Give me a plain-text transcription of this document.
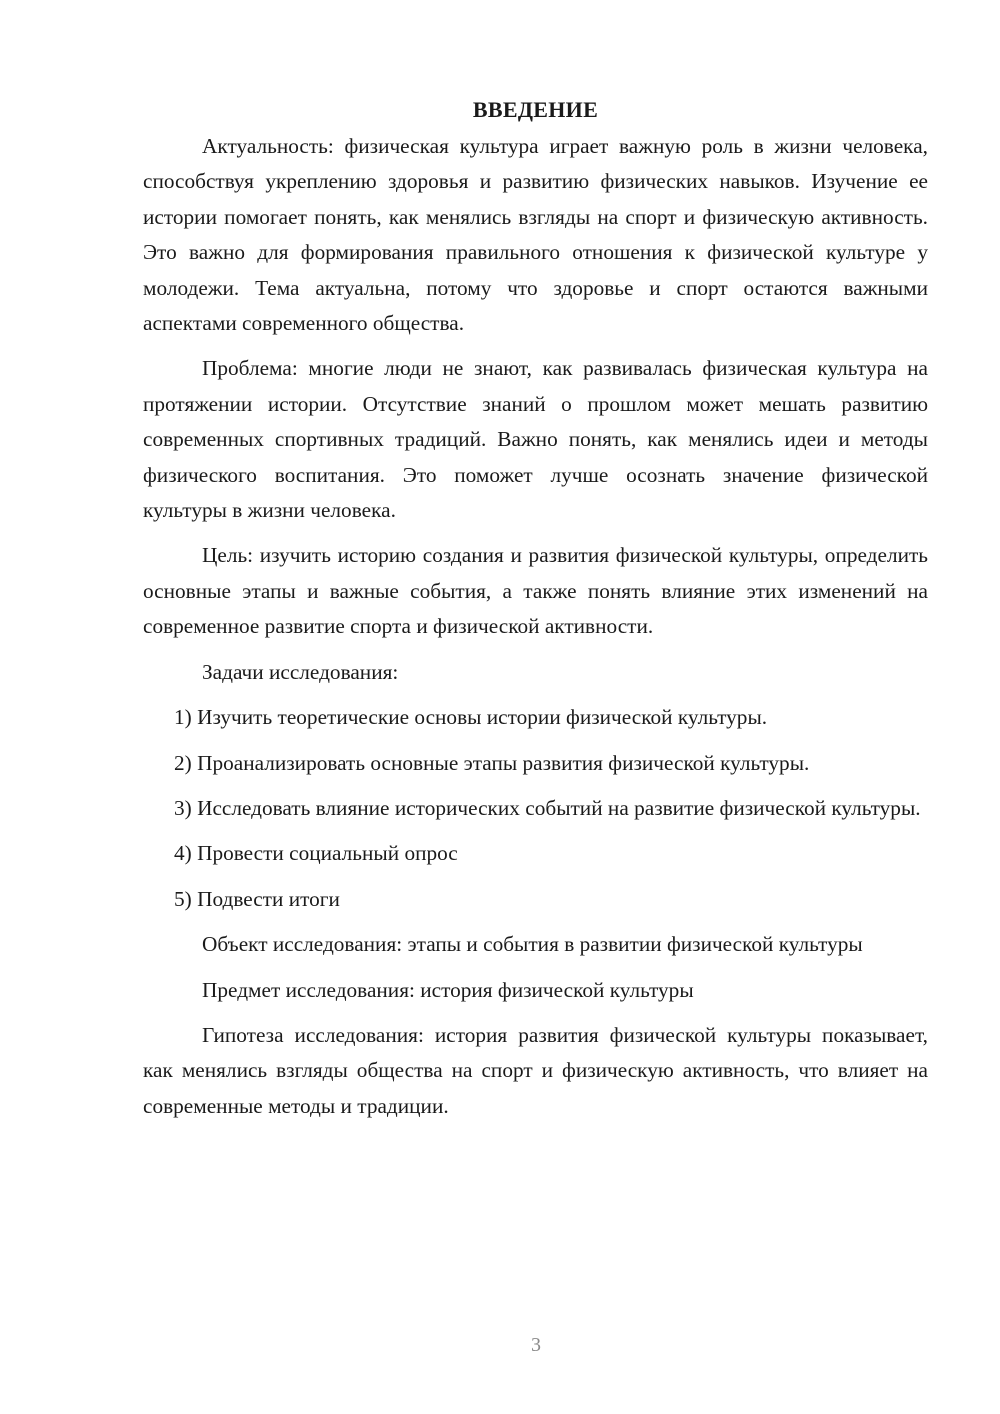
ВВЕДЕНИЕ

Актуальность: физическая культура играет важную роль в жизни человека, способствуя укреплению здоровья и развитию физических навыков. Изучение ее истории помогает понять, как менялись взгляды на спорт и физическую активность. Это важно для формирования правильного отношения к физической культуре у молодежи. Тема актуальна, потому что здоровье и спорт остаются важными аспектами современного общества.

Проблема: многие люди не знают, как развивалась физическая культура на протяжении истории. Отсутствие знаний о прошлом может мешать развитию современных спортивных традиций. Важно понять, как менялись идеи и методы физического воспитания. Это поможет лучше осознать значение физической культуры в жизни человека.

Цель: изучить историю создания и развития физической культуры, определить основные этапы и важные события, а также понять влияние этих изменений на современное развитие спорта и физической активности.

Задачи исследования:

1) Изучить теоретические основы истории физической культуры.

2) Проанализировать основные этапы развития физической культуры.

3) Исследовать влияние исторических событий на развитие физической культуры.

4) Провести социальный опрос

5) Подвести итоги

Объект исследования: этапы и события в развитии физической культуры

Предмет исследования: история физической культуры

Гипотеза исследования: история развития физической культуры показывает, как менялись взгляды общества на спорт и физическую активность, что влияет на современные методы и традиции.

3
